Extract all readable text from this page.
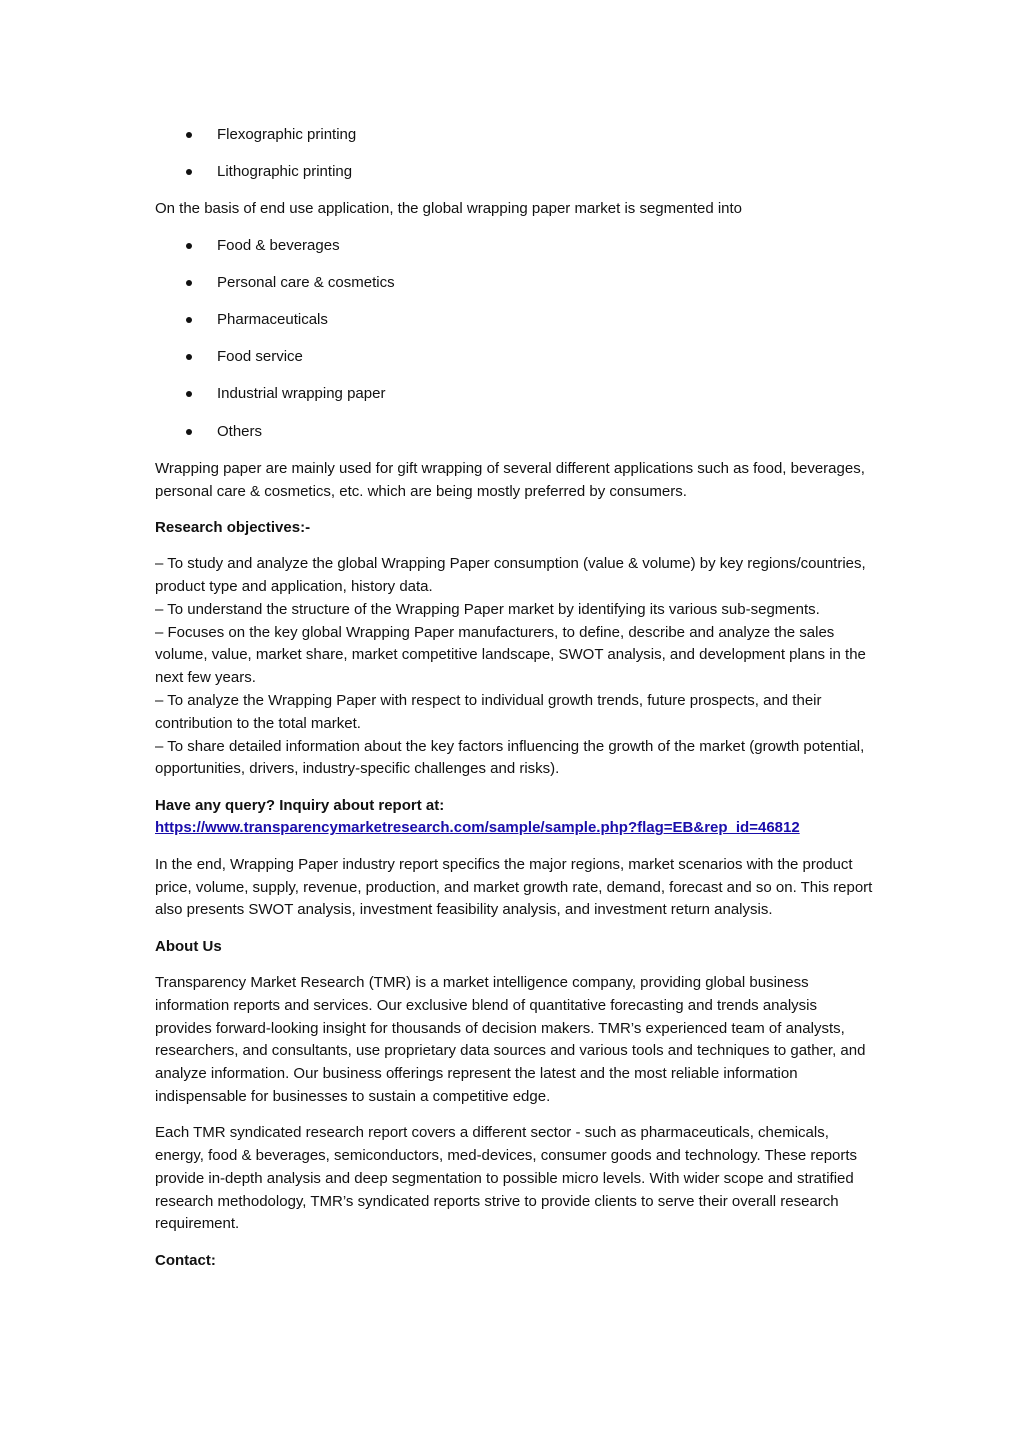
Flexographic printing
Lithographic printing

On the basis of end use application, the global wrapping paper market is segmented into

Food & beverages
Personal care & cosmetics
Pharmaceuticals
Food service
Industrial wrapping paper
Others

Wrapping paper are mainly used for gift wrapping of several different applications such as food, beverages, personal care & cosmetics, etc. which are being mostly preferred by consumers.

Research objectives:-

– To study and analyze the global Wrapping Paper consumption (value & volume) by key regions/countries, product type and application, history data.

– To understand the structure of the Wrapping Paper market by identifying its various sub-segments.

– Focuses on the key global Wrapping Paper manufacturers, to define, describe and analyze the sales volume, value, market share, market competitive landscape, SWOT analysis, and development plans in the next few years.

– To analyze the Wrapping Paper with respect to individual growth trends, future prospects, and their contribution to the total market.

– To share detailed information about the key factors influencing the growth of the market (growth potential, opportunities, drivers, industry-specific challenges and risks).

Have any query? Inquiry about report at:
https://www.transparencymarketresearch.com/sample/sample.php?flag=EB&rep_id=46812

In the end, Wrapping Paper industry report specifics the major regions, market scenarios with the product price, volume, supply, revenue, production, and market growth rate, demand, forecast and so on. This report also presents SWOT analysis, investment feasibility analysis, and investment return analysis.

About Us

Transparency Market Research (TMR) is a market intelligence company, providing global business information reports and services. Our exclusive blend of quantitative forecasting and trends analysis provides forward-looking insight for thousands of decision makers. TMR’s experienced team of analysts, researchers, and consultants, use proprietary data sources and various tools and techniques to gather, and analyze information. Our business offerings represent the latest and the most reliable information indispensable for businesses to sustain a competitive edge.

Each TMR syndicated research report covers a different sector - such as pharmaceuticals, chemicals, energy, food & beverages, semiconductors, med-devices, consumer goods and technology. These reports provide in-depth analysis and deep segmentation to possible micro levels. With wider scope and stratified research methodology, TMR’s syndicated reports strive to provide clients to serve their overall research requirement.

Contact:
